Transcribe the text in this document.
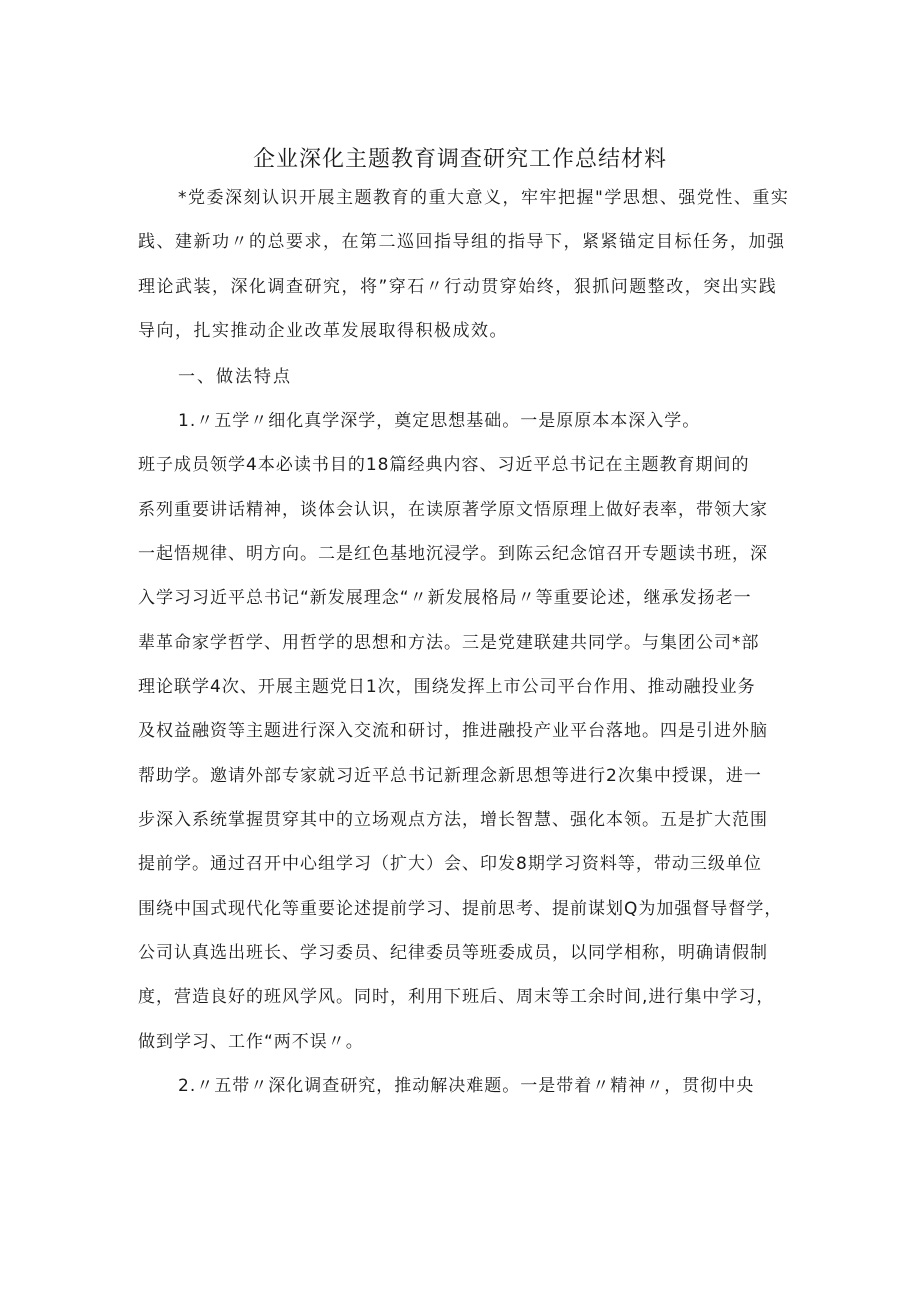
企业深化主题教育调查研究工作总结材料
*党委深刻认识开展主题教育的重大意义，牢牢把握"学思想、强党性、重实
践、建新功〃的总要求，在第二巡回指导组的指导下，紧紧锚定目标任务，加强
理论武装，深化调查研究，将”穿石〃行动贯穿始终，狠抓问题整改，突出实践
导向，扎实推动企业改革发展取得积极成效。
一、做法特点
1.〃五学〃细化真学深学，奠定思想基础。一是原原本本深入学。
班子成员领学4本必读书目的18篇经典内容、习近平总书记在主题教育期间的
系列重要讲话精神，谈体会认识，在读原著学原文悟原理上做好表率，带领大家
一起悟规律、明方向。二是红色基地沉浸学。到陈云纪念馆召开专题读书班，深
入学习习近平总书记“新发展理念“〃新发展格局〃等重要论述，继承发扬老一
辈革命家学哲学、用哲学的思想和方法。三是党建联建共同学。与集团公司*部
理论联学4次、开展主题党日1次，围绕发挥上市公司平台作用、推动融投业务
及权益融资等主题进行深入交流和研讨，推进融投产业平台落地。四是引进外脑
帮助学。邀请外部专家就习近平总书记新理念新思想等进行2次集中授课，进一
步深入系统掌握贯穿其中的立场观点方法，增长智慧、强化本领。五是扩大范围
提前学。通过召开中心组学习（扩大）会、印发8期学习资料等，带动三级单位
围绕中国式现代化等重要论述提前学习、提前思考、提前谋划Q为加强督导督学，
公司认真选出班长、学习委员、纪律委员等班委成员，以同学相称，明确请假制
度，营造良好的班风学风。同时，利用下班后、周末等工余时间,进行集中学习，
做到学习、工作“两不误〃。
2.〃五带〃深化调查研究，推动解决难题。一是带着〃精神〃，贯彻中央
